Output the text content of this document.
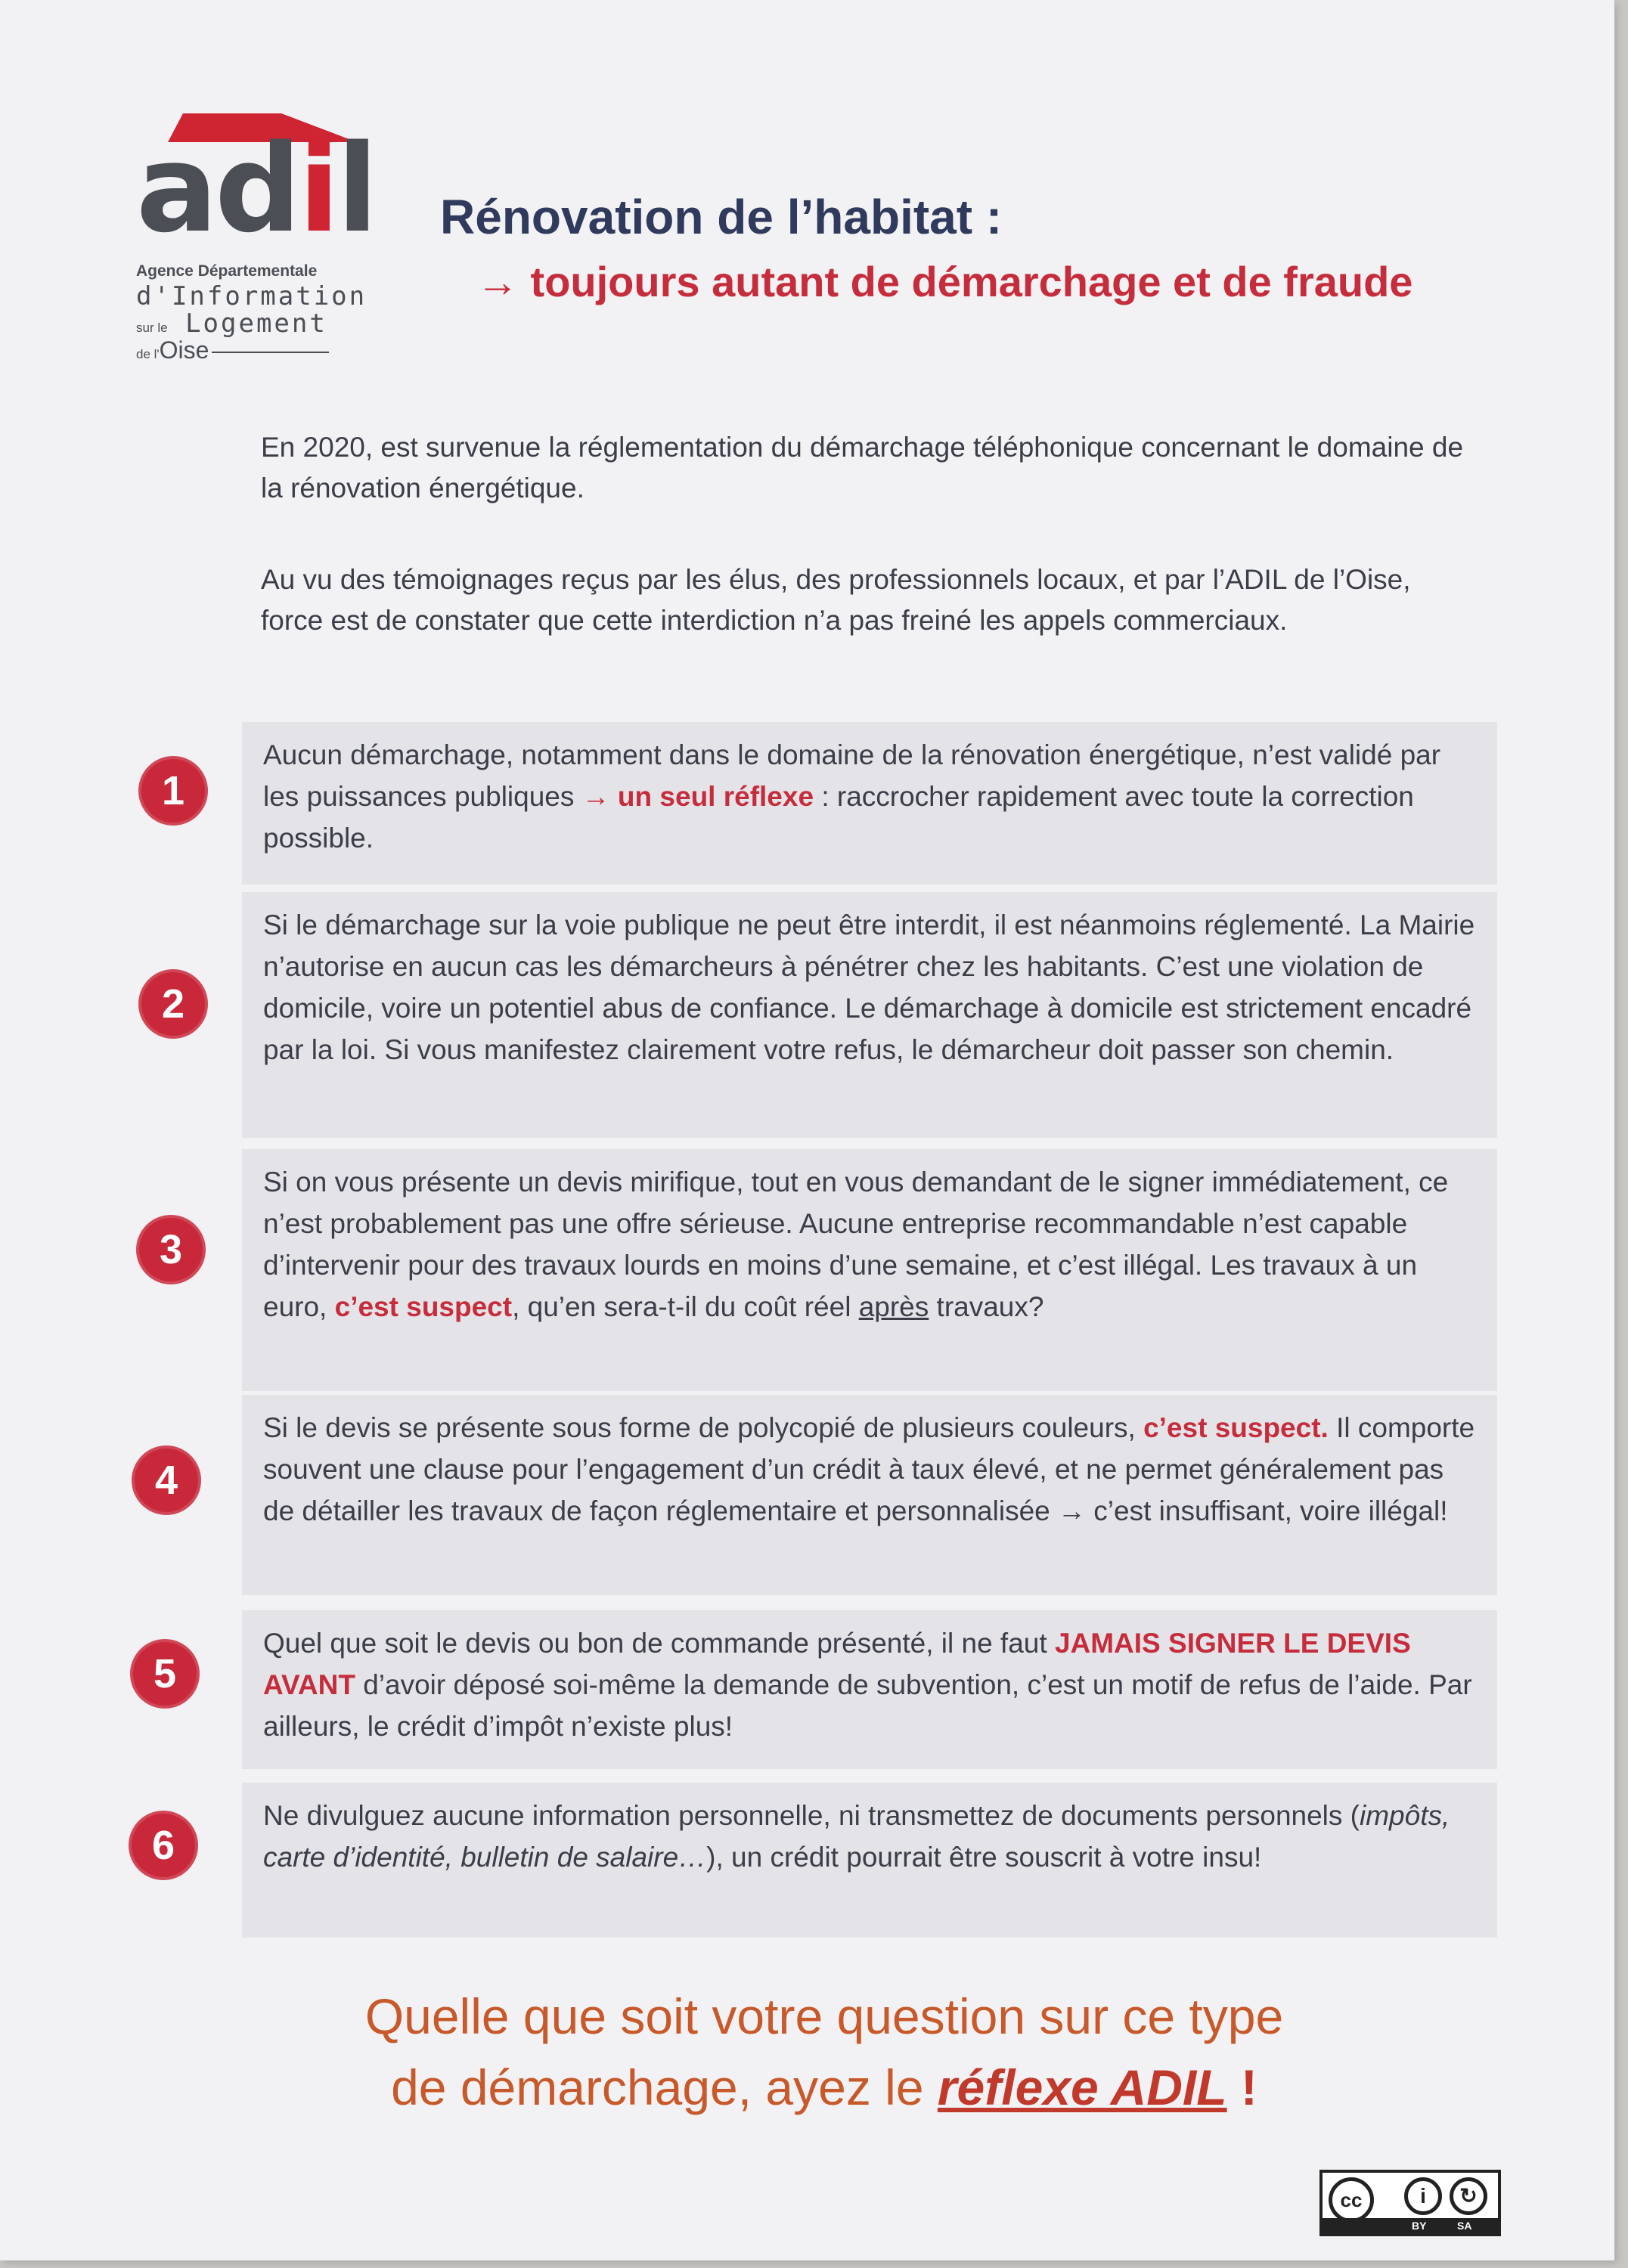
adil
Agence Départementale
d'Information
sur le Logement
de l'Oise
Rénovation de l’habitat :
→ toujours autant de démarchage et de fraude
En 2020, est survenue la réglementation du démarchage téléphonique concernant le domaine de la rénovation énergétique.
Au vu des témoignages reçus par les élus, des professionnels locaux, et par l’ADIL de l’Oise, force est de constater que cette interdiction n’a pas freiné les appels commerciaux.
1
Aucun démarchage, notamment dans le domaine de la rénovation énergétique, n’est validé par les puissances publiques → un seul réflexe : raccrocher rapidement avec toute la correction possible.
2
Si le démarchage sur la voie publique ne peut être interdit, il est néanmoins réglementé. La Mairie n’autorise en aucun cas les démarcheurs à pénétrer chez les habitants. C’est une violation de domicile, voire un potentiel abus de confiance. Le démarchage à domicile est strictement encadré par la loi. Si vous manifestez clairement votre refus, le démarcheur doit passer son chemin.
3
Si on vous présente un devis mirifique, tout en vous demandant de le signer immédiatement, ce n’est probablement pas une offre sérieuse. Aucune entreprise recommandable n’est capable d’intervenir pour des travaux lourds en moins d’une semaine, et c’est illégal. Les travaux à un euro, c’est suspect, qu’en sera-t-il du coût réel après travaux?
4
Si le devis se présente sous forme de polycopié de plusieurs couleurs, c’est suspect. Il comporte souvent une clause pour l’engagement d’un crédit à taux élevé, et ne permet généralement pas de détailler les travaux de façon réglementaire et personnalisée → c’est insuffisant, voire illégal!
5
Quel que soit le devis ou bon de commande présenté, il ne faut JAMAIS SIGNER LE DEVIS AVANT d’avoir déposé soi-même la demande de subvention, c’est un motif de refus de l’aide. Par ailleurs, le crédit d’impôt n’existe plus!
6
Ne divulguez aucune information personnelle, ni transmettez de documents personnels (impôts, carte d’identité, bulletin de salaire…), un crédit pourrait être souscrit à votre insu!
Quelle que soit votre question sur ce type
de démarchage, ayez le réflexe ADIL !
cc	i	↻
BY	SA
